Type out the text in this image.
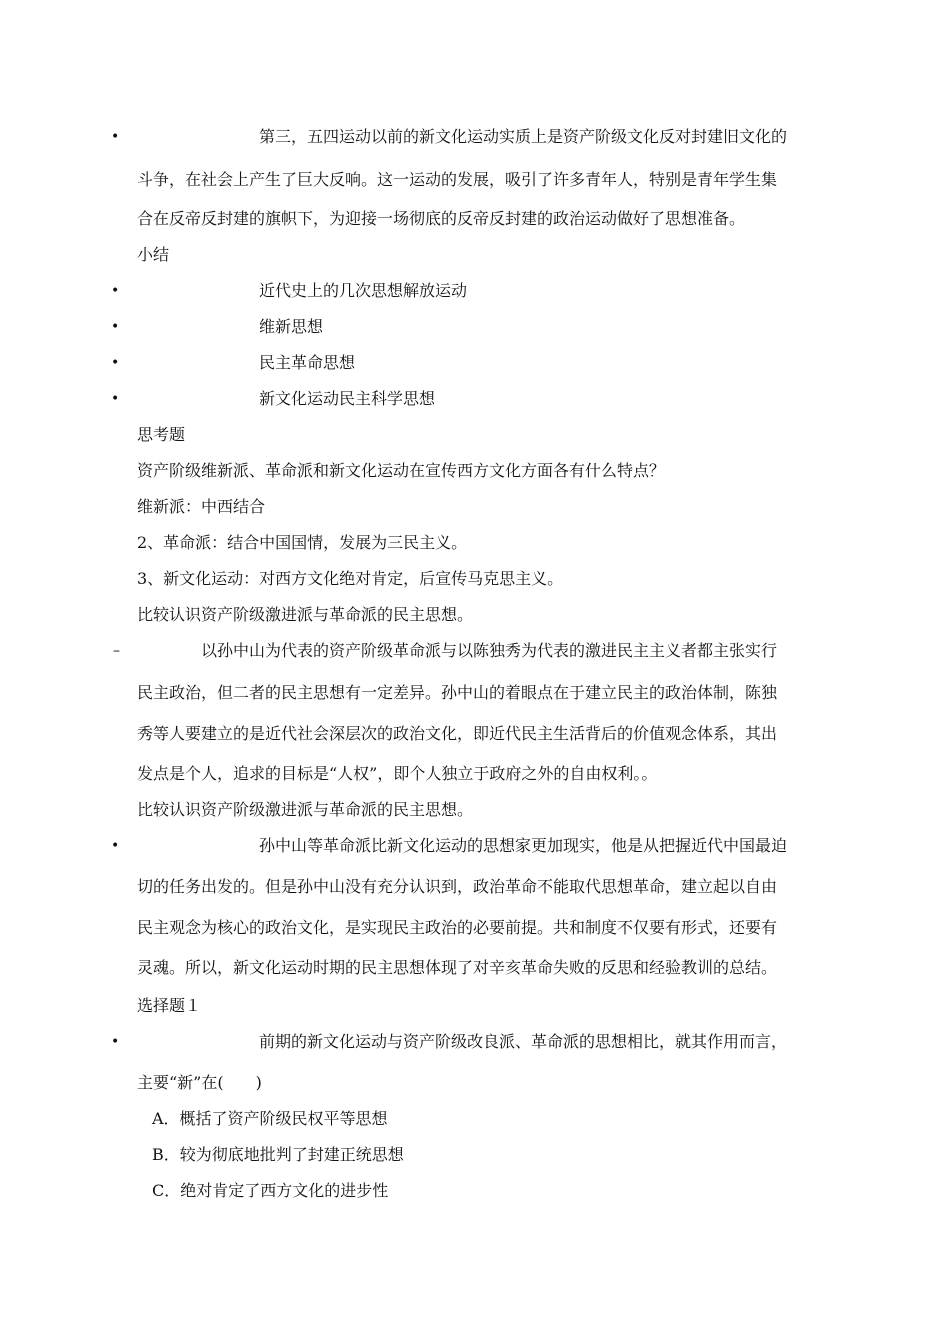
•	第三，五四运动以前的新文化运动实质上是资产阶级文化反对封建旧文化的
斗争，在社会上产生了巨大反响。这一运动的发展，吸引了许多青年人，特别是青年学生集
合在反帝反封建的旗帜下，为迎接一场彻底的反帝反封建的政治运动做好了思想准备。
小结
•	近代史上的几次思想解放运动
•	维新思想
•	民主革命思想
•	新文化运动民主科学思想
思考题
资产阶级维新派、革命派和新文化运动在宣传西方文化方面各有什么特点？
维新派：中西结合
2、革命派：结合中国国情，发展为三民主义。
3、新文化运动：对西方文化绝对肯定，后宣传马克思主义。
比较认识资产阶级激进派与革命派的民主思想。
–	以孙中山为代表的资产阶级革命派与以陈独秀为代表的激进民主主义者都主张实行
民主政治，但二者的民主思想有一定差异。孙中山的着眼点在于建立民主的政治体制，陈独
秀等人要建立的是近代社会深层次的政治文化，即近代民主生活背后的价值观念体系，其出
发点是个人，追求的目标是“人权”，即个人独立于政府之外的自由权利。。
比较认识资产阶级激进派与革命派的民主思想。
•	孙中山等革命派比新文化运动的思想家更加现实，他是从把握近代中国最迫
切的任务出发的。但是孙中山没有充分认识到，政治革命不能取代思想革命，建立起以自由
民主观念为核心的政治文化，是实现民主政治的必要前提。共和制度不仅要有形式，还要有
灵魂。所以，新文化运动时期的民主思想体现了对辛亥革命失败的反思和经验教训的总结。
选择题１
•	前期的新文化运动与资产阶级改良派、革命派的思想相比，就其作用而言，
主要“新”在(　　)
A．概括了资产阶级民权平等思想
B．较为彻底地批判了封建正统思想
C．绝对肯定了西方文化的进步性
